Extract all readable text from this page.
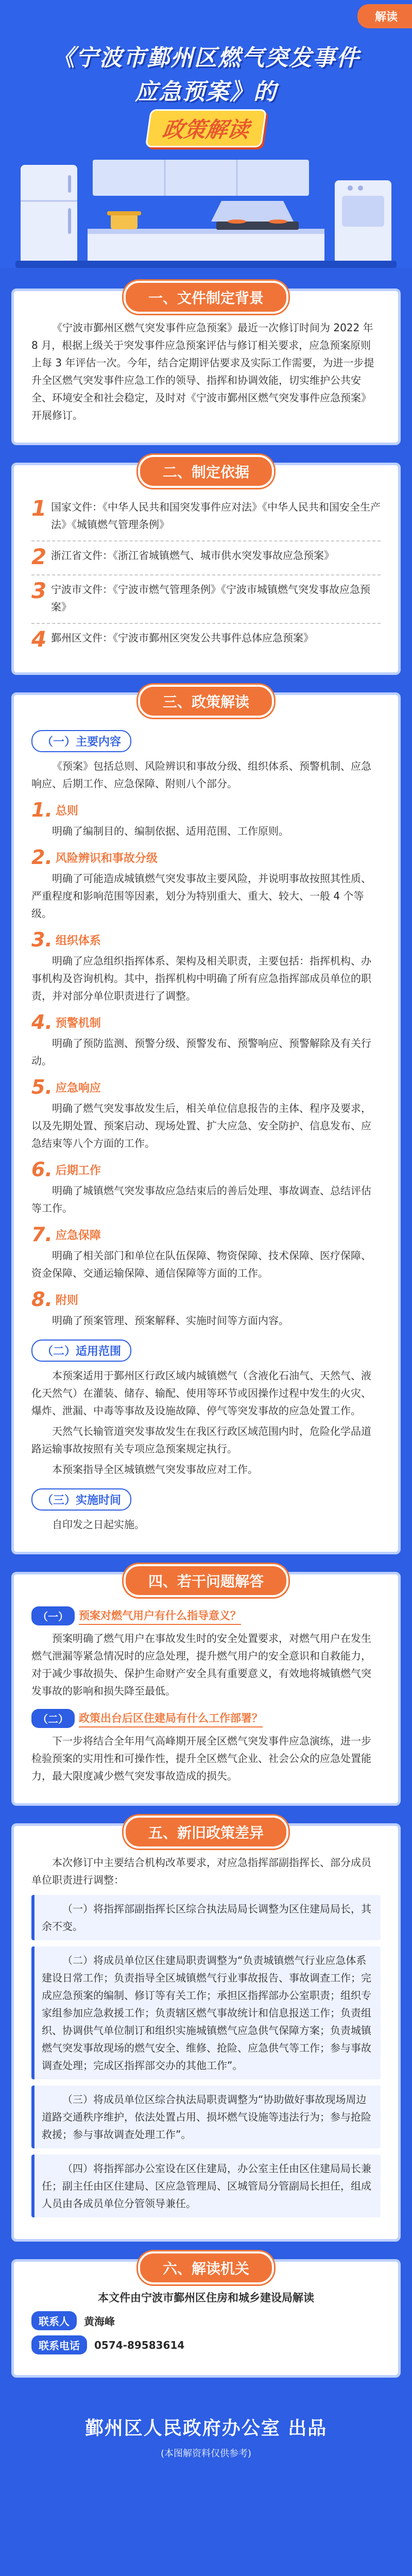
解读
《宁波市鄞州区燃气突发事件
应急预案》的
政策解读
一、文件制定背景
《宁波市鄞州区燃气突发事件应急预案》最近一次修订时间为 2022 年 8 月，根据上级关于突发事件应急预案评估与修订相关要求，应急预案原则上每 3 年评估一次。今年，结合定期评估要求及实际工作需要，为进一步提升全区燃气突发事件应急工作的领导、指挥和协调效能，切实维护公共安全、环境安全和社会稳定，及时对《宁波市鄞州区燃气突发事件应急预案》开展修订。
二、制定依据
1 国家文件：《中华人民共和国突发事件应对法》《中华人民共和国安全生产法》《城镇燃气管理条例》
2 浙江省文件：《浙江省城镇燃气、城市供水突发事故应急预案》
3 宁波市文件：《宁波市燃气管理条例》《宁波市城镇燃气突发事故应急预案》
4 鄞州区文件：《宁波市鄞州区突发公共事件总体应急预案》
三、政策解读
（一）主要内容
《预案》包括总则、风险辨识和事故分级、组织体系、预警机制、应急响应、后期工作、应急保障、附则八个部分。
1. 总则
明确了编制目的、编制依据、适用范围、工作原则。
2. 风险辨识和事故分级
明确了可能造成城镇燃气突发事故主要风险，并说明事故按照其性质、严重程度和影响范围等因素，划分为特别重大、重大、较大、一般 4 个等级。
3. 组织体系
明确了应急组织指挥体系、架构及相关职责，主要包括：指挥机构、办事机构及咨询机构。其中，指挥机构中明确了所有应急指挥部成员单位的职责，并对部分单位职责进行了调整。
4. 预警机制
明确了预防监测、预警分级、预警发布、预警响应、预警解除及有关行动。
5. 应急响应
明确了燃气突发事故发生后，相关单位信息报告的主体、程序及要求，以及先期处置、预案启动、现场处置、扩大应急、安全防护、信息发布、应急结束等八个方面的工作。
6. 后期工作
明确了城镇燃气突发事故应急结束后的善后处理、事故调查、总结评估等工作。
7. 应急保障
明确了相关部门和单位在队伍保障、物资保障、技术保障、医疗保障、资金保障、交通运输保障、通信保障等方面的工作。
8. 附则
明确了预案管理、预案解释、实施时间等方面内容。
（二）适用范围
本预案适用于鄞州区行政区域内城镇燃气（含液化石油气、天然气、液化天然气）在灌装、储存、输配、使用等环节或因操作过程中发生的火灾、爆炸、泄漏、中毒等事故及设施故障、停气等突发事故的应急处置工作。
天然气长输管道突发事故发生在我区行政区域范围内时，危险化学品道路运输事故按照有关专项应急预案规定执行。
本预案指导全区城镇燃气突发事故应对工作。
（三）实施时间
自印发之日起实施。
四、若干问题解答
（一） 预案对燃气用户有什么指导意义？
预案明确了燃气用户在事故发生时的安全处置要求，对燃气用户在发生燃气泄漏等紧急情况时的应急处理，提升燃气用户的安全意识和自救能力，对于减少事故损失、保护生命财产安全具有重要意义，有效地将城镇燃气突发事故的影响和损失降至最低。
（二） 政策出台后区住建局有什么工作部署？
下一步将结合全年用气高峰期开展全区燃气突发事件应急演练，进一步检验预案的实用性和可操作性，提升全区燃气企业、社会公众的应急处置能力，最大限度减少燃气突发事故造成的损失。
五、新旧政策差异
本次修订中主要结合机构改革要求，对应急指挥部副指挥长、部分成员单位职责进行调整：
（一）将指挥部副指挥长区综合执法局局长调整为区住建局局长，其余不变。
（二）将成员单位区住建局职责调整为“负责城镇燃气行业应急体系建设日常工作；负责指导全区城镇燃气行业事故报告、事故调查工作；完成应急预案的编制、修订等有关工作；承担区指挥部办公室职责；组织专家组参加应急救援工作；负责辖区燃气事故统计和信息报送工作；负责组织、协调供气单位制订和组织实施城镇燃气应急供气保障方案；负责城镇燃气突发事故现场的燃气安全、维修、抢险、应急供气等工作；参与事故调查处理；完成区指挥部交办的其他工作”。
（三）将成员单位区综合执法局职责调整为“协助做好事故现场周边道路交通秩序维护，依法处置占用、损坏燃气设施等违法行为；参与抢险救援；参与事故调查处理工作”。
（四）将指挥部办公室设在区住建局，办公室主任由区住建局局长兼任；副主任由区住建局、区应急管理局、区城管局分管副局长担任，组成人员由各成员单位分管领导兼任。
六、解读机关
本文件由宁波市鄞州区住房和城乡建设局解读
联系人	黄海峰
联系电话	0574-89583614
鄞州区人民政府办公室 出品
(本图解资料仅供参考)
